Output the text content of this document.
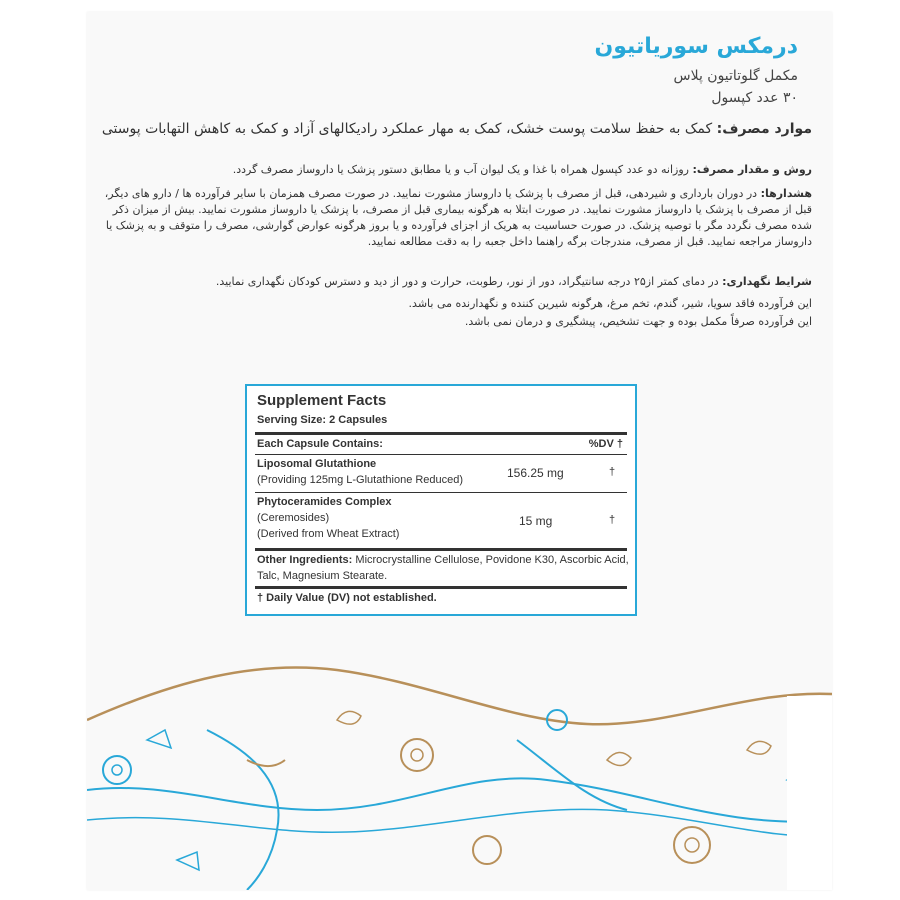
درمکس سوریاتیون
مکمل گلوتاتیون پلاس
۳۰ عدد کپسول
موارد مصرف: کمک به حفظ سلامت پوست خشک، کمک به مهار عملکرد رادیکالهای آزاد و کمک به کاهش التهابات پوستی
روش و مقدار مصرف: روزانه دو عدد کپسول همراه با غذا و یک لیوان آب و یا مطابق دستور پزشک یا داروساز مصرف گردد.
هشدارها: در دوران بارداری و شیردهی، قبل از مصرف با پزشک یا داروساز مشورت نمایید. در صورت مصرف همزمان با سایر فرآورده ها / دارو های دیگر، قبل از مصرف با پزشک یا داروساز مشورت نمایید. در صورت ابتلا به هرگونه بیماری قبل از مصرف، با پزشک یا داروساز مشورت نمایید. بیش از میزان ذکر شده مصرف نگردد مگر با توصیه پزشک. در صورت حساسیت به هریک از اجزای فرآورده و یا بروز هرگونه عوارض گوارشی، مصرف را متوقف و به پزشک یا داروساز مراجعه نمایید. قبل از مصرف، مندرجات برگه راهنما داخل جعبه را به دقت مطالعه نمایید.
شرایط نگهداری: در دمای کمتر از۲۵ درجه سانتیگراد، دور از نور، رطوبت، حرارت و دور از دید و دسترس کودکان نگهداری نمایید.
این فرآورده فاقد سویا، شیر، گندم، تخم مرغ، هرگونه شیرین کننده و نگهدارنده می باشد.
این فرآورده صرفاً مکمل بوده و جهت تشخیص، پیشگیری و درمان نمی باشد.
Supplement Facts
Serving Size: 2 Capsules
Each Capsule Contains:	%DV †
Liposomal Glutathione
(Providing 125mg L-Glutathione Reduced)	156.25 mg	†
Phytoceramides Complex
(Ceremosides)
(Derived from Wheat Extract)
15 mg	†
Other Ingredients: Microcrystalline Cellulose, Povidone K30, Ascorbic Acid,
Talc, Magnesium Stearate.
† Daily Value (DV) not established.
